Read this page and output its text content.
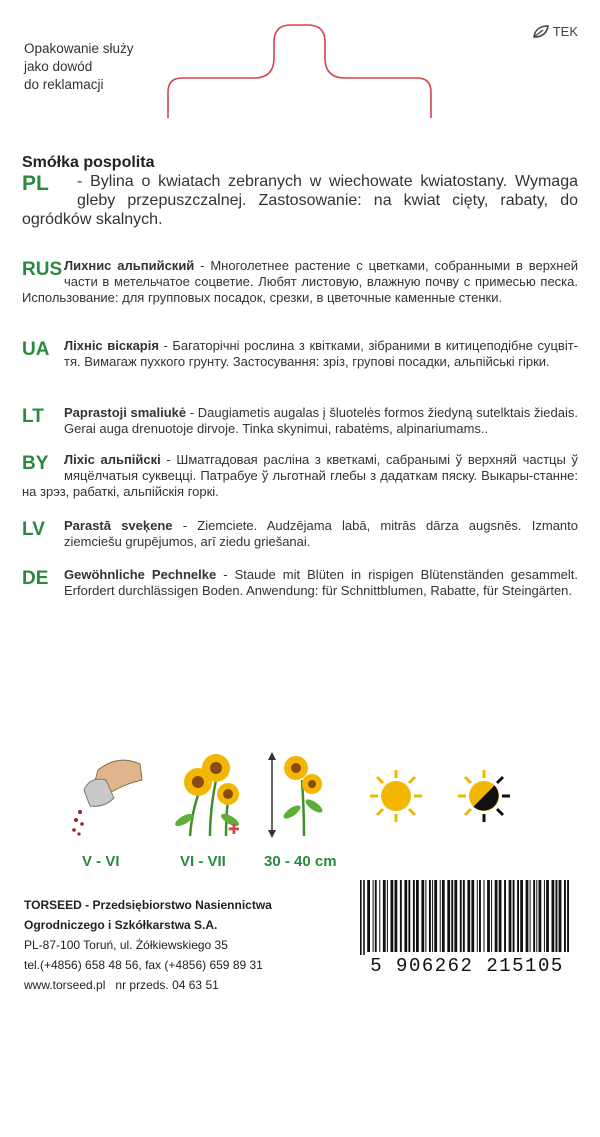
Opakowanie służy
jako dowód
do reklamacji
TEK
Smółka pospolita
PL	- Bylina o kwiatach zebranych w wiechowate kwiatostany. Wymaga gleby przepuszczalnej. Zastosowanie: na kwiat cięty, rabaty, do ogródków skalnych.
RUS Лихнис альпийский - Многолетнее растение с цветками, собранными в верхней части в метельчатое соцветие. Любят листовую, влажную почву с примесью песка. Использование: для групповых посадок, срезки, в цветочные каменные стенки.
UA	Ліхніс віскарія - Багаторічні рослина з квітками, зібраними в китицеподібне суцвіт-тя. Вимагаж пухкого грунту. Застосування: зріз, групові посадки, альпійські гірки.
LT	Paprastoji smaliukė - Daugiametis augalas į šluotelės formos žiedyną sutelktais žiedais. Gerai auga drenuotoje dirvoje. Tinka skynimui, rabatėms, alpinariumams..
BY	Ліхіс альпійскі - Шматгадовая расліна з кветкамі, сабранымі ў верхняй частцы ў мяцёлчатыя суквецці. Патрабуе ў льготнай глебы з дадаткам пяску. Выкары-станне: на зрэз, рабаткі, альпійскія горкі.
LV	Parastā sveķene - Ziemciete. Audzējama labā, mitrās dārza augsnēs. Izmanto ziemciešu grupējumos, arī ziedu griešanai.
DE	Gewöhnliche Pechnelke - Staude mit Blüten in rispigen Blütenständen gesammelt. Erfordert durchlässigen Boden. Anwendung: für Schnittblumen, Rabatte, für Steingärten.
✚
V - VI	VI - VII	30 - 40 cm
TORSEED - Przedsiębiorstwo Nasiennictwa
Ogrodniczego i Szkółkarstwa S.A.
PL-87-100 Toruń, ul. Żółkiewskiego 35
tel.(+4856) 658 48 56, fax (+4856) 659 89 31
www.torseed.pl nr przeds. 04 63 51
5 906262 215105
